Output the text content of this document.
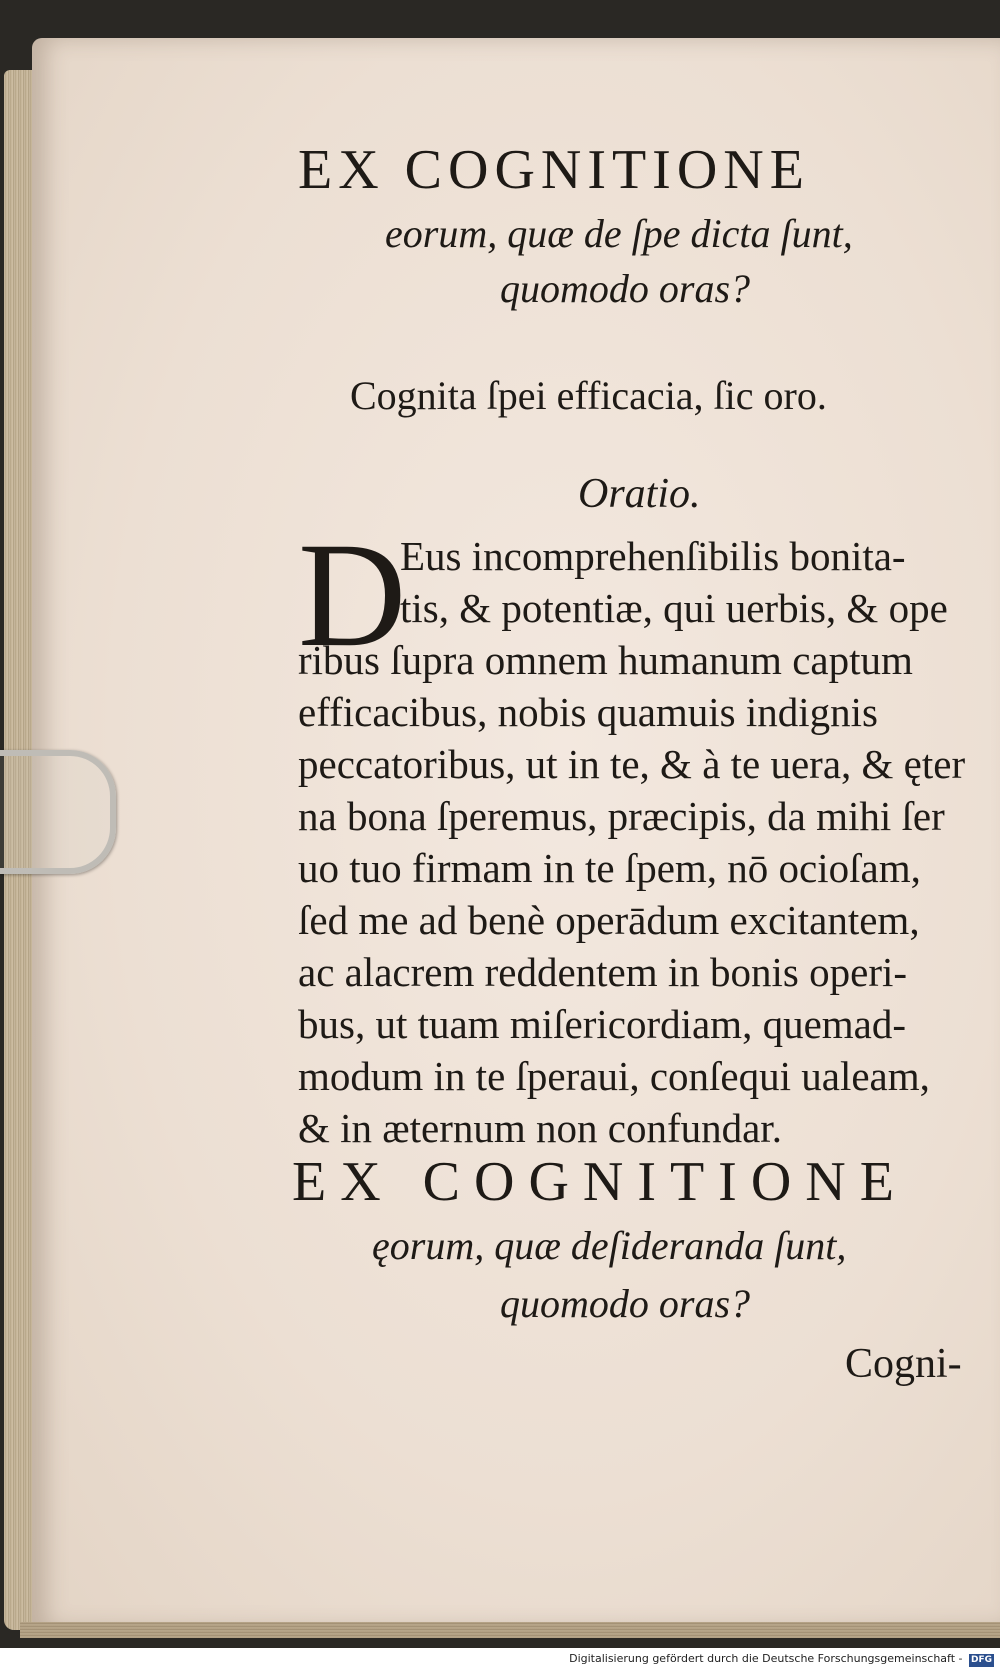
EX COGNITIONE
eorum, quæ de ſpe dicta ſunt,
quomodo oras?
Cognita ſpei efficacia, ſic oro.
Oratio.
D
Eus incomprehenſibilis bonita-
tis, & potentiæ, qui uerbis, & ope
ribus ſupra omnem humanum captum
efficacibus, nobis quamuis indignis
peccatoribus, ut in te, & à te uera, & ęter
na bona ſperemus, præcipis, da mihi ſer
uo tuo firmam in te ſpem, nō ocioſam,
ſed me ad benè operādum excitantem,
ac alacrem reddentem in bonis operi-
bus, ut tuam miſericordiam, quemad-
modum in te ſperaui, conſequi ualeam,
& in æternum non confundar.
EX COGNITIONE
ęorum, quæ deſideranda ſunt,
quomodo oras?
Cogni-
Digitalisierung gefördert durch die Deutsche Forschungsgemeinschaft - DFG
